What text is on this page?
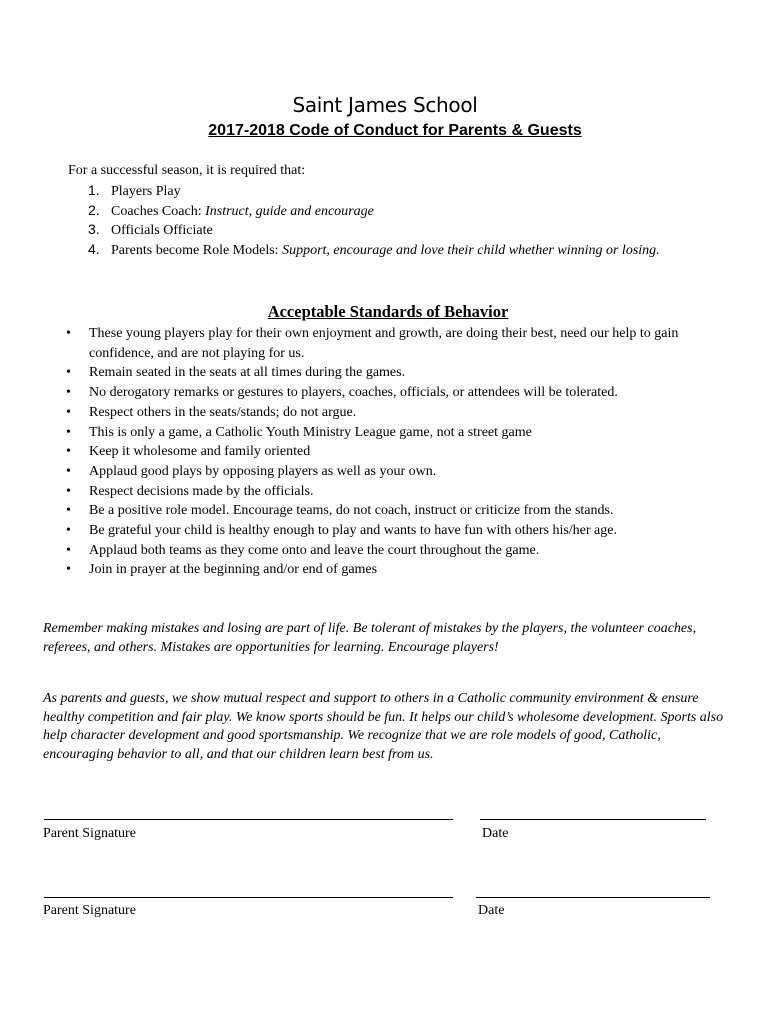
Saint James School
2017-2018 Code of Conduct for Parents & Guests
For a successful season, it is required that:
1. Players Play
2. Coaches Coach: Instruct, guide and encourage
3. Officials Officiate
4. Parents become Role Models: Support, encourage and love their child whether winning or losing.
Acceptable Standards of Behavior
• These young players play for their own enjoyment and growth, are doing their best, need our help to gain confidence, and are not playing for us.
• Remain seated in the seats at all times during the games.
• No derogatory remarks or gestures to players, coaches, officials, or attendees will be tolerated.
• Respect others in the seats/stands; do not argue.
• This is only a game, a Catholic Youth Ministry League game, not a street game
• Keep it wholesome and family oriented
• Applaud good plays by opposing players as well as your own.
• Respect decisions made by the officials.
• Be a positive role model. Encourage teams, do not coach, instruct or criticize from the stands.
• Be grateful your child is healthy enough to play and wants to have fun with others his/her age.
• Applaud both teams as they come onto and leave the court throughout the game.
• Join in prayer at the beginning and/or end of games
Remember making mistakes and losing are part of life. Be tolerant of mistakes by the players, the volunteer coaches, referees, and others. Mistakes are opportunities for learning. Encourage players!
As parents and guests, we show mutual respect and support to others in a Catholic community environment & ensure healthy competition and fair play. We know sports should be fun. It helps our child’s wholesome development. Sports also help character development and good sportsmanship. We recognize that we are role models of good, Catholic, encouraging behavior to all, and that our children learn best from us.
Parent Signature	Date
Parent Signature	Date
